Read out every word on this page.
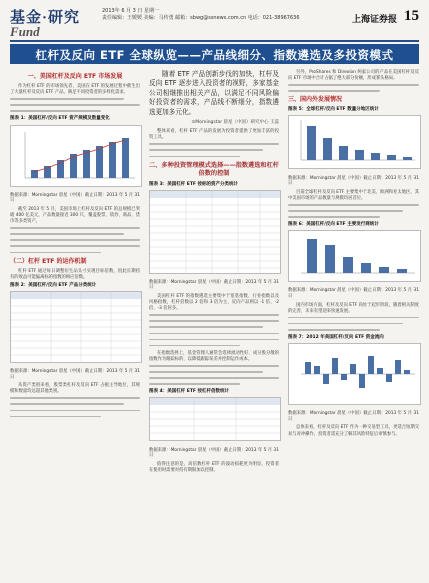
基金·研究
Fund
2013年 6 月 3 日 星期一
责任编辑：王媛媛 美编：马传勇 邮箱：sbwg@ssnews.com.cn 电话：021-38967636	上海证券报 15
杠杆及反向 ETF 全球纵览——产品线细分、指数遴选及多投资模式
一、美国杠杆及反向 ETF 市场发展

作为杠杆 ETF 的市场领先者，美国在 ETF 的发展过程中催生出了大量杠杆及反向 ETF 产品，满足不同投资者的多样化需求。

图表 1：美国杠杆/反向 ETF 资产规模及数量变化
数据来源：Morningstar 晨星（中国）截止日期：2013 年 5 月 31 日

截至 2013 年 5 月，美国市场上杠杆及反向 ETF 的总规模已突破 400 亿美元，产品数量接近 300 只，覆盖股票、债券、商品、货币等多类资产。

（二）杠杆 ETF 的运作机制

杠杆 ETF 通过每日调整衍生品头寸实现目标倍数，因此长期持有的收益可能偏离标的指数的相应倍数。

图表 2：美国杠杆/反向 ETF 产品分类统计
数据来源：Morningstar 晨星（中国）截止日期：2013 年 5 月 31 日

从资产类别来看，股票类杠杆及反向 ETF 占据主导地位，其规模和数量均远超其他类别。

随着 ETF 产品创新步伐的加快，杠杆及反向 ETF 逐步进入投资者的视野，多家基金公司相继推出相关产品，以满足不同风险偏好投资者的需求，产品线不断细分，指数遴选更加多元化。

⊙Morningstar 晨星（中国）研究中心 王蕊

整体来看，杠杆 ETF 产品的发展为投资者提供了更加丰富的投资工具。

二、多种投资管理模式选择——指数遴选和杠杆倍数的控制
图表 3：美国杠杆 ETF 按标的资产分类统计
数据来源：Morningstar 晨星（中国）截止日期：2013 年 5 月 31 日

美国杠杆 ETF 的指数遴选主要集中于宽基指数、行业指数以及风格指数，杠杆倍数以 2 倍和 3 倍为主，反向产品则以 -1 倍、-2 倍、-3 倍居多。

在指数选择上，基金管理人通常会选择流动性好、成分股分散的指数作为跟踪标的，以降低跟踪误差并控制运作成本。

图表 4：美国杠杆 ETF 按杠杆倍数统计
数据来源：Morningstar 晨星（中国）截止日期：2013 年 5 月 31 日

值得注意的是，高倍数杠杆 ETF 的波动损耗更为明显，投资者在使用时需要对持有期限加以控制。

另外，ProShares 和 Direxion 两家公司的产品在美国杠杆及反向 ETF 市场中合计占据了绝大部分份额，形成寡头格局。

三、国内外发展情况
图表 5：全球杠杆/反向 ETF 数量分地区统计
数据来源：Morningstar 晨星（中国）截止日期：2013 年 5 月 31 日

目前全球杠杆及反向 ETF 主要集中于北美、欧洲和亚太地区，其中美国市场的产品数量与规模均居首位。

图表 6：美国杠杆/反向 ETF 主要发行商统计
数据来源：Morningstar 晨星（中国）截止日期：2013 年 5 月 31 日

国内市场方面，杠杆及反向 ETF 尚处于起步阶段，随着相关制度的完善，未来有望迎来快速发展。

图表 7：2012 年美国杠杆/反向 ETF 资金流向
数据来源：Morningstar 晨星（中国）截止日期：2013 年 5 月 31 日

总体来看，杠杆及反向 ETF 作为一种交易型工具，更适合短期交易与对冲操作，投资者需充分了解其风险特征后审慎参与。
